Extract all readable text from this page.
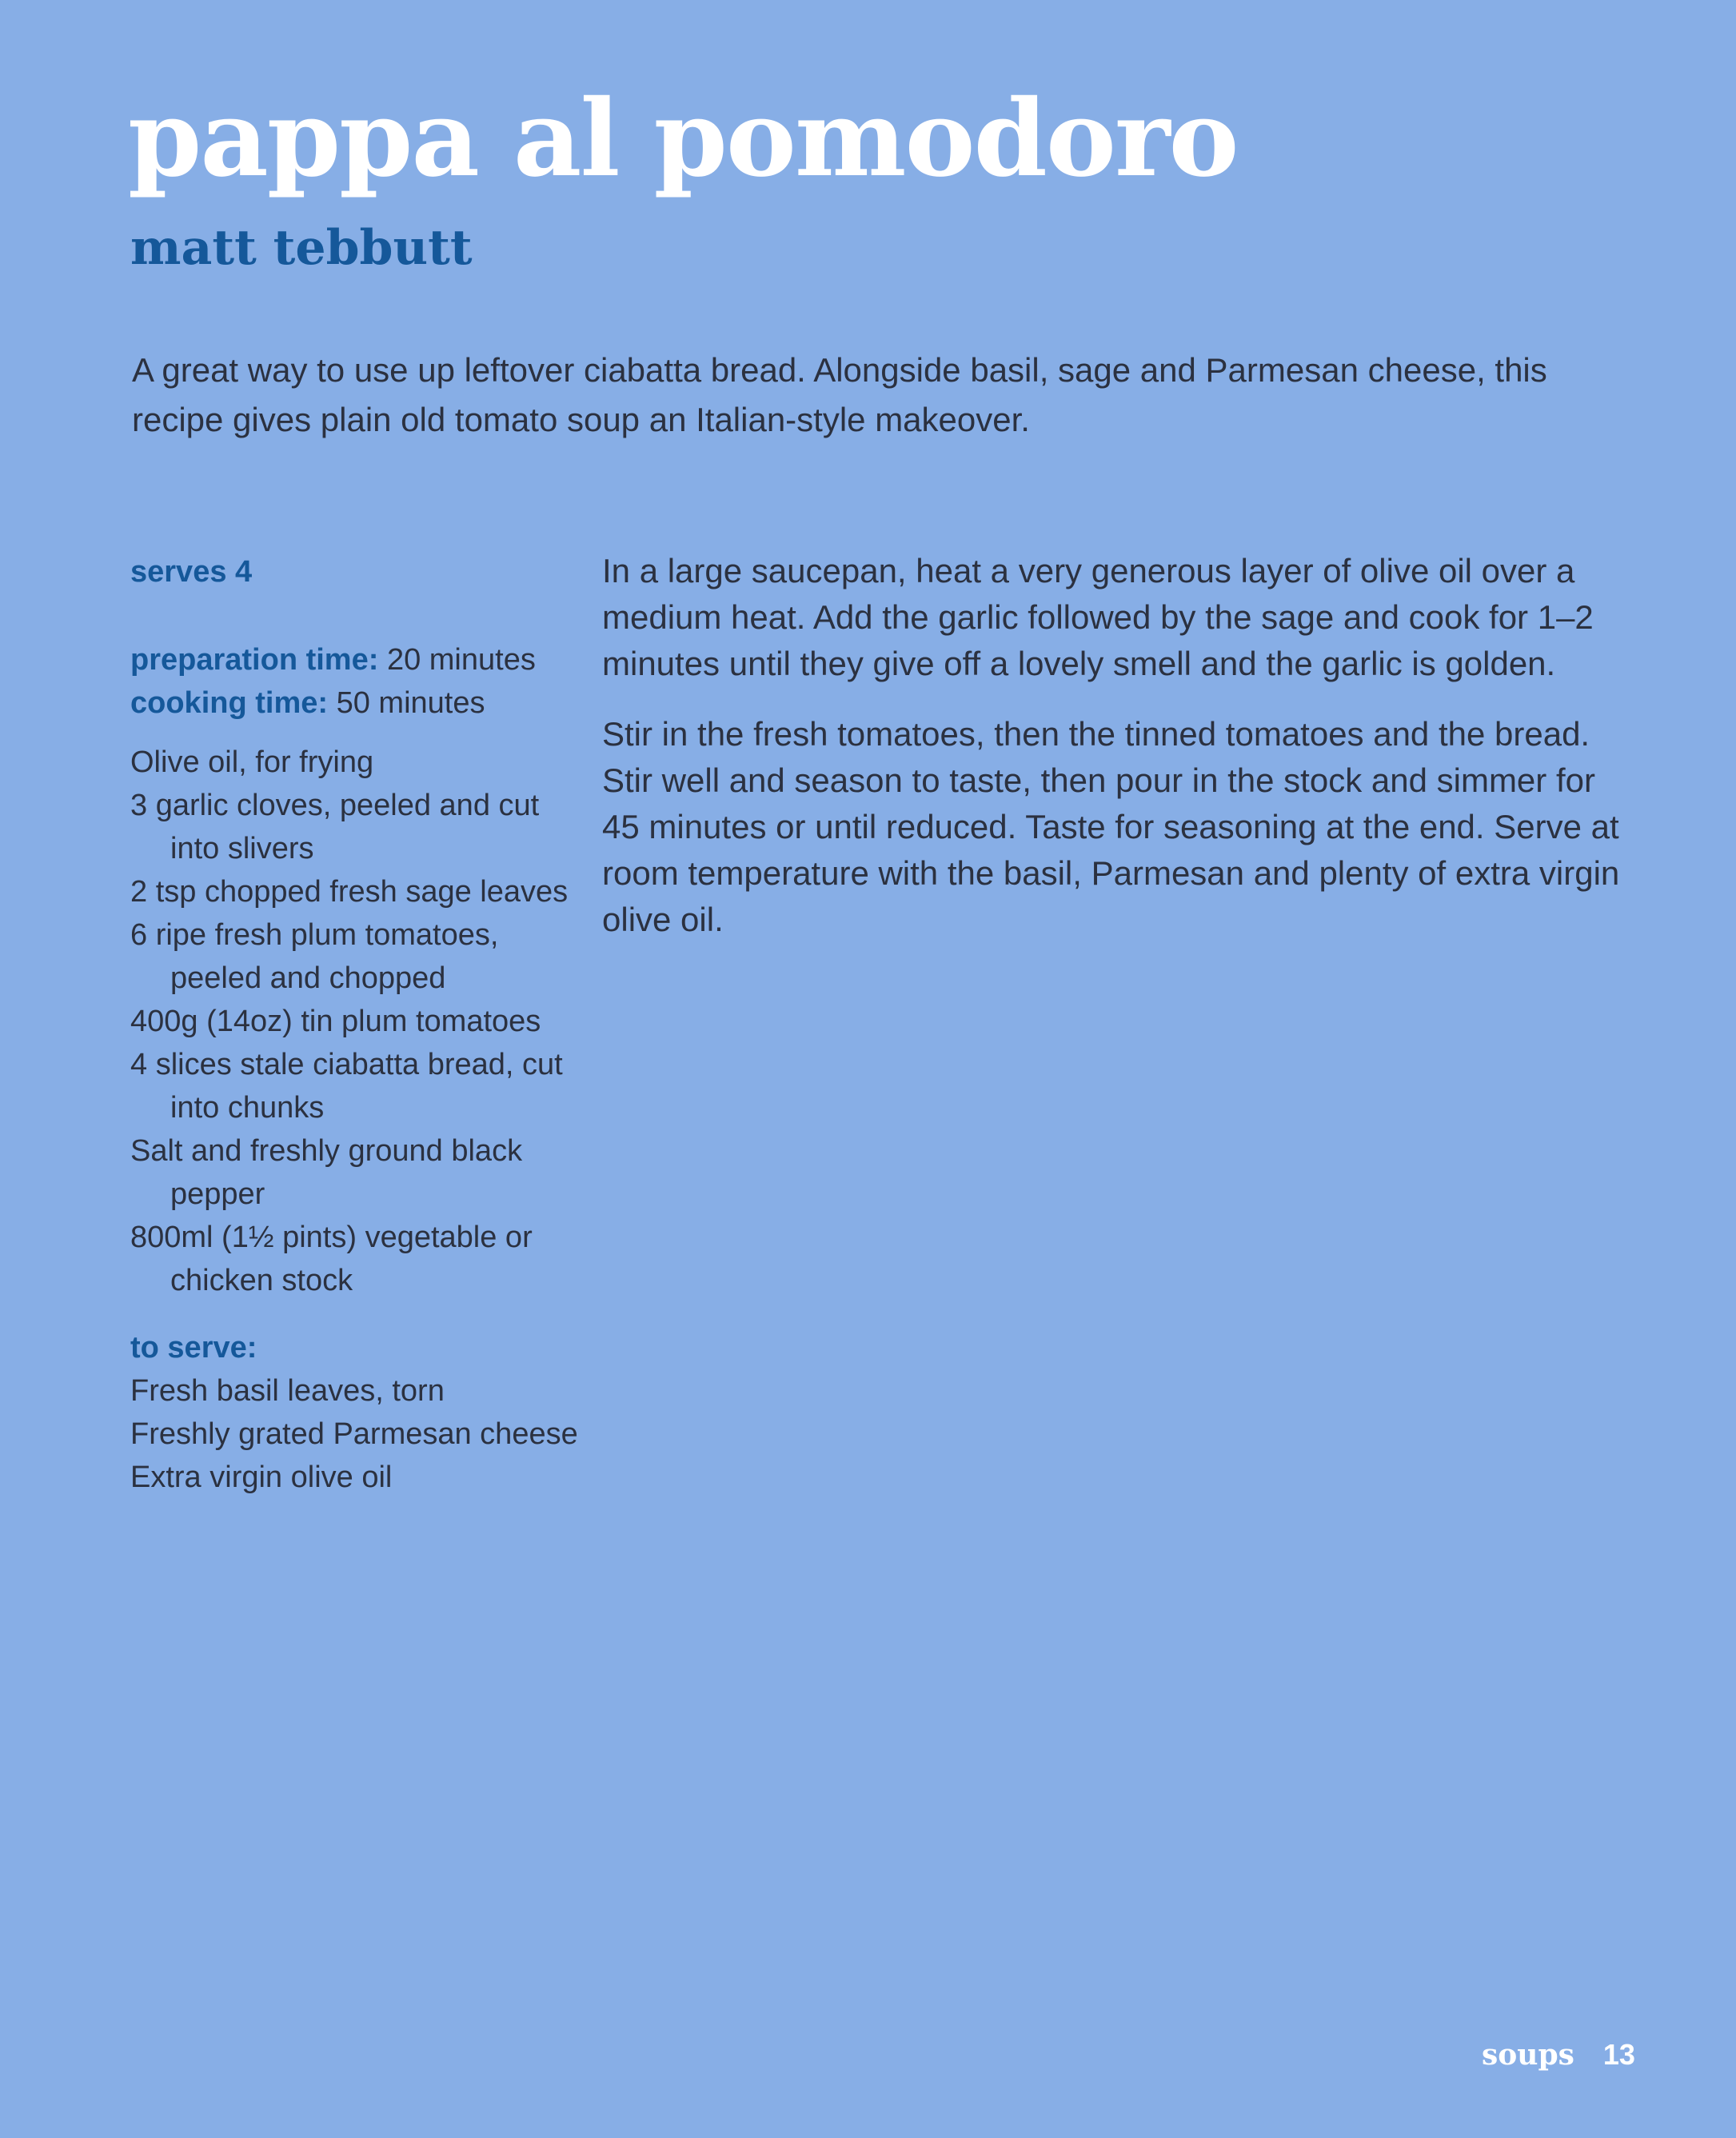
pappa al pomodoro
matt tebbutt

A great way to use up leftover ciabatta bread. Alongside basil, sage and Parmesan cheese, this recipe gives plain old tomato soup an Italian-style makeover.

serves 4

preparation time: 20 minutes
cooking time: 50 minutes
Olive oil, for frying
3 garlic cloves, peeled and cut into slivers
2 tsp chopped fresh sage leaves
6 ripe fresh plum tomatoes, peeled and chopped
400g (14oz) tin plum tomatoes
4 slices stale ciabatta bread, cut into chunks
Salt and freshly ground black pepper
800ml (1½ pints) vegetable or chicken stock

to serve:

Fresh basil leaves, torn
Freshly grated Parmesan cheese
Extra virgin olive oil

In a large saucepan, heat a very generous layer of olive oil over a medium heat. Add the garlic followed by the sage and cook for 1–2 minutes until they give off a lovely smell and the garlic is golden.

Stir in the fresh tomatoes, then the tinned tomatoes and the bread. Stir well and season to taste, then pour in the stock and simmer for 45 minutes or until reduced. Taste for seasoning at the end. Serve at room temperature with the basil, Parmesan and plenty of extra virgin olive oil.

soups 13
